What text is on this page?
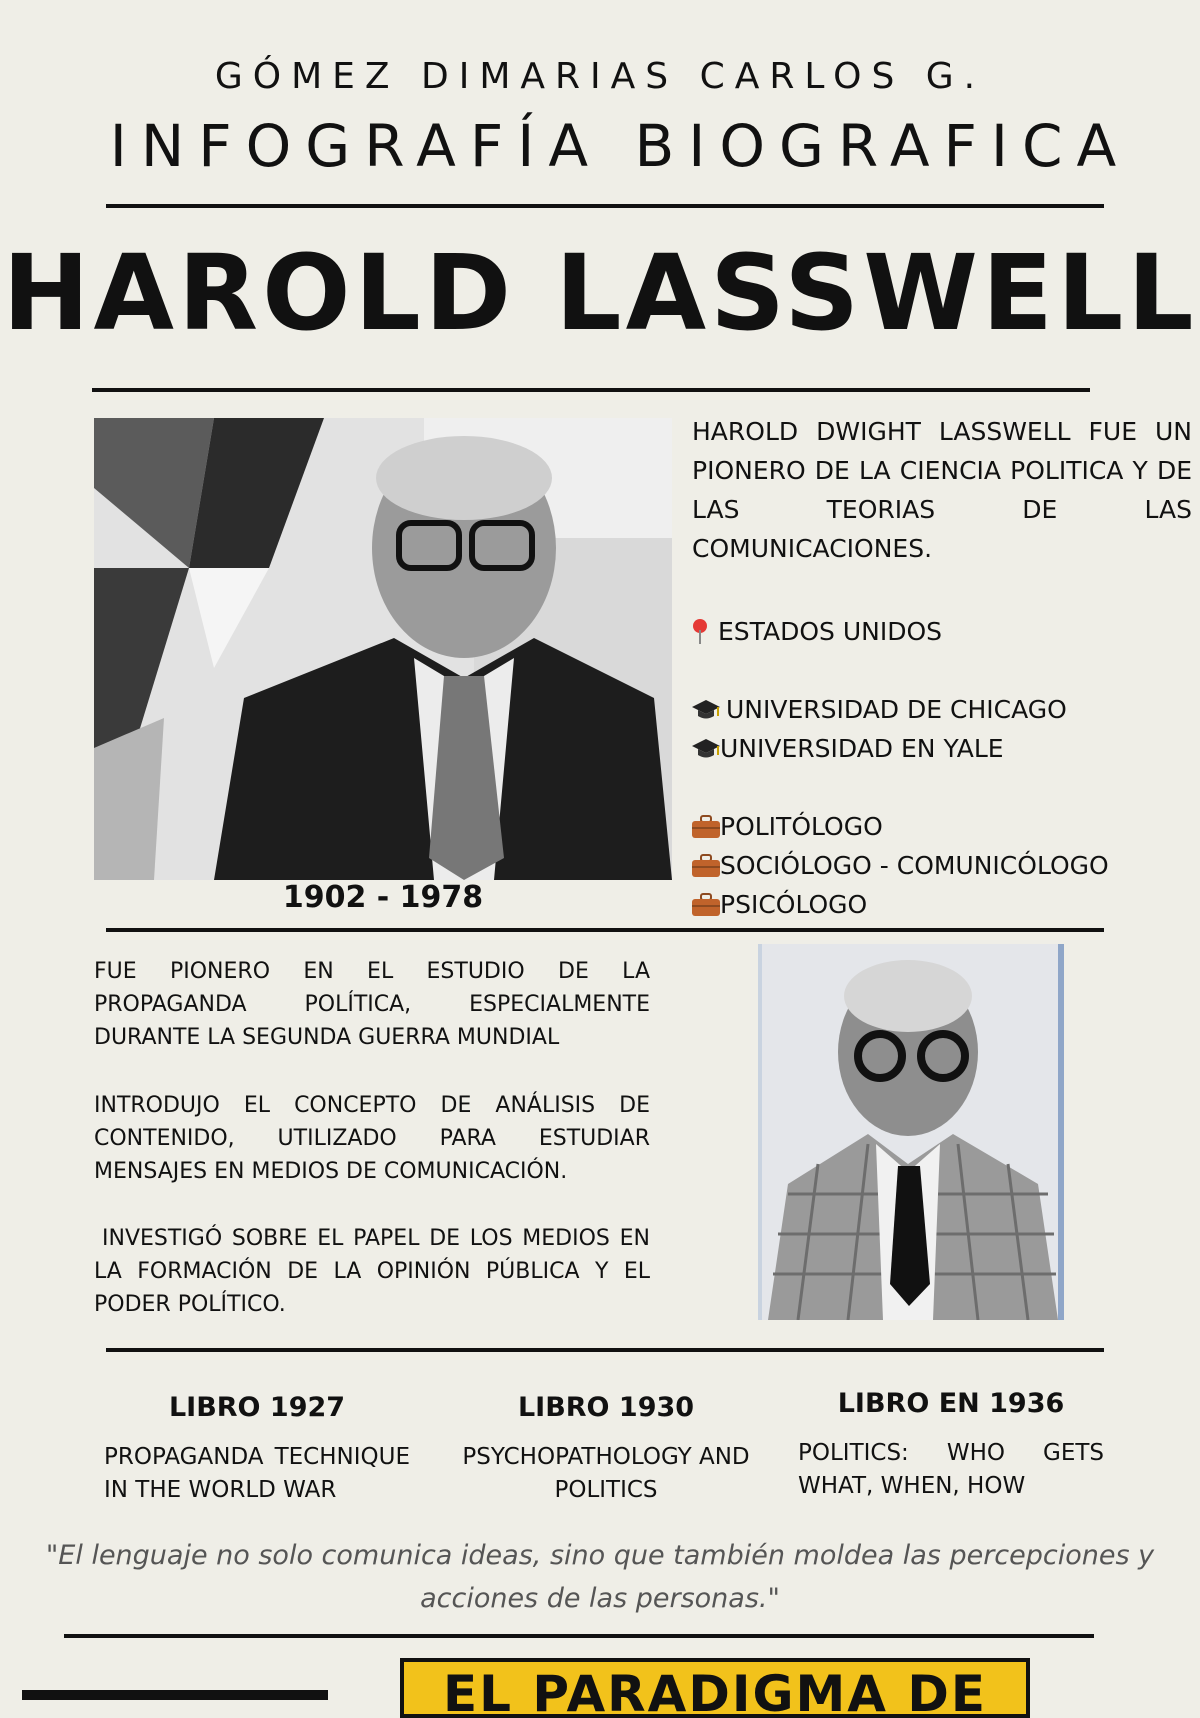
GÓMEZ DIMARIAS CARLOS G.
INFOGRAFÍA BIOGRAFICA
HAROLD LASSWELL
1902 - 1978
HAROLD DWIGHT LASSWELL FUE UN PIONERO DE LA CIENCIA POLITICA Y DE LAS TEORIAS DE LAS COMUNICACIONES.
ESTADOS UNIDOS
UNIVERSIDAD DE CHICAGO
UNIVERSIDAD EN YALE
POLITÓLOGO
SOCIÓLOGO - COMUNICÓLOGO
PSICÓLOGO
FUE PIONERO EN EL ESTUDIO DE LA PROPAGANDA POLÍTICA, ESPECIALMENTE DURANTE LA SEGUNDA GUERRA MUNDIAL
INTRODUJO EL CONCEPTO DE ANÁLISIS DE CONTENIDO, UTILIZADO PARA ESTUDIAR MENSAJES EN MEDIOS DE COMUNICACIÓN.
INVESTIGÓ SOBRE EL PAPEL DE LOS MEDIOS EN LA FORMACIÓN DE LA OPINIÓN PÚBLICA Y EL PODER POLÍTICO.
LIBRO 1927
PROPAGANDA TECHNIQUE IN THE WORLD WAR
LIBRO 1930
PSYCHOPATHOLOGY AND POLITICS
LIBRO EN 1936
POLITICS: WHO GETS WHAT, WHEN, HOW
"El lenguaje no solo comunica ideas, sino que también moldea las percepciones y acciones de las personas."
EL PARADIGMA DE
